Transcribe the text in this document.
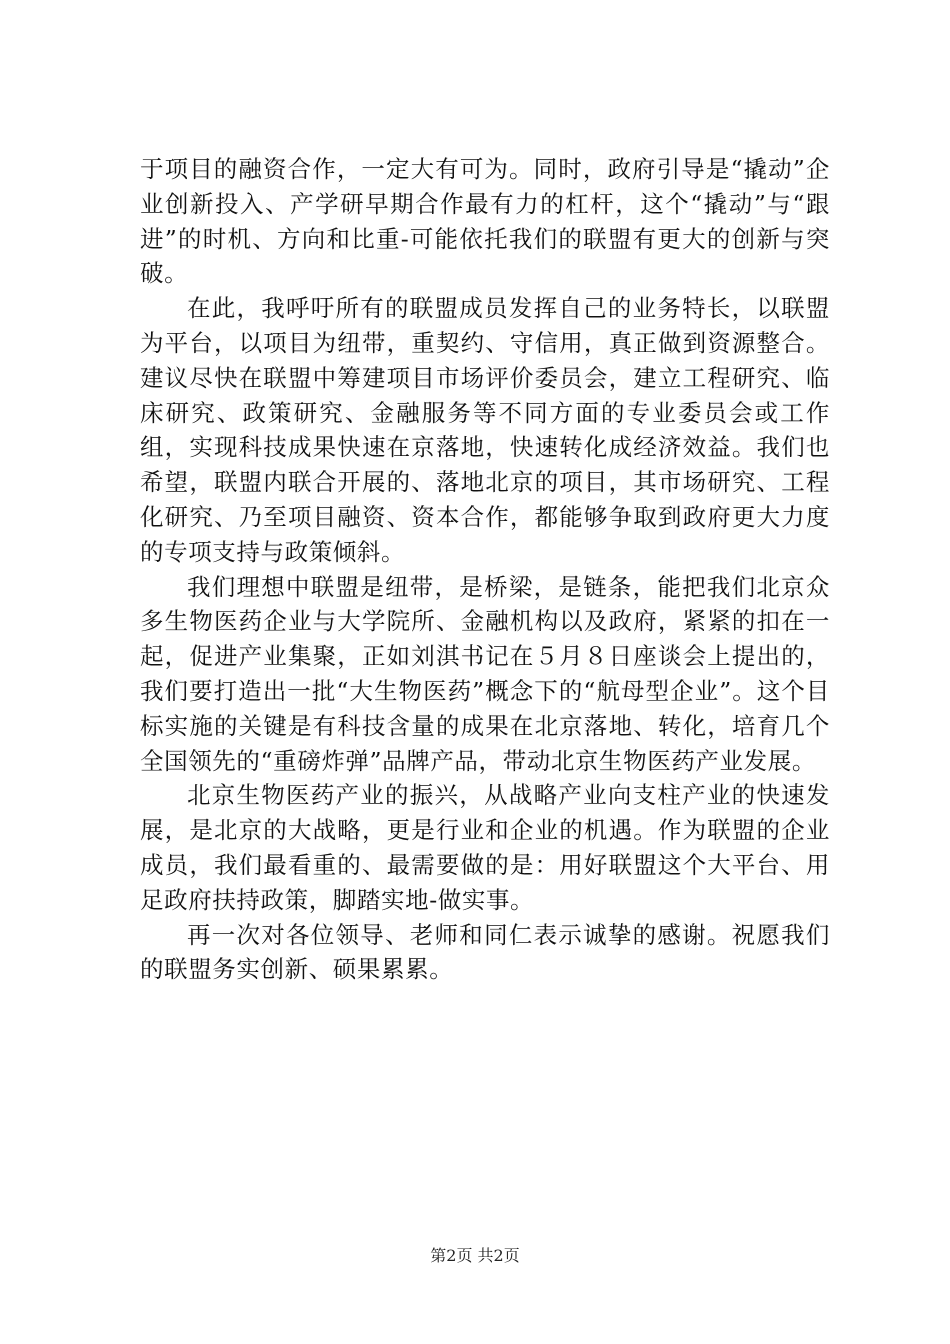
于项目的融资合作，一定大有可为。同时，政府引导是“撬动”企业创新投入、产学研早期合作最有力的杠杆，这个“撬动”与“跟进”的时机、方向和比重-可能依托我们的联盟有更大的创新与突破。

在此，我呼吁所有的联盟成员发挥自己的业务特长，以联盟为平台，以项目为纽带，重契约、守信用，真正做到资源整合。建议尽快在联盟中筹建项目市场评价委员会，建立工程研究、临床研究、政策研究、金融服务等不同方面的专业委员会或工作组，实现科技成果快速在京落地，快速转化成经济效益。我们也希望，联盟内联合开展的、落地北京的项目，其市场研究、工程化研究、乃至项目融资、资本合作，都能够争取到政府更大力度的专项支持与政策倾斜。

我们理想中联盟是纽带，是桥梁，是链条，能把我们北京众多生物医药企业与大学院所、金融机构以及政府，紧紧的扣在一起，促进产业集聚，正如刘淇书记在５月８日座谈会上提出的，我们要打造出一批“大生物医药”概念下的“航母型企业”。这个目标实施的关键是有科技含量的成果在北京落地、转化，培育几个全国领先的“重磅炸弹”品牌产品，带动北京生物医药产业发展。

北京生物医药产业的振兴，从战略产业向支柱产业的快速发展，是北京的大战略，更是行业和企业的机遇。作为联盟的企业成员，我们最看重的、最需要做的是：用好联盟这个大平台、用足政府扶持政策，脚踏实地-做实事。

再一次对各位领导、老师和同仁表示诚挚的感谢。祝愿我们的联盟务实创新、硕果累累。

第2页 共2页
